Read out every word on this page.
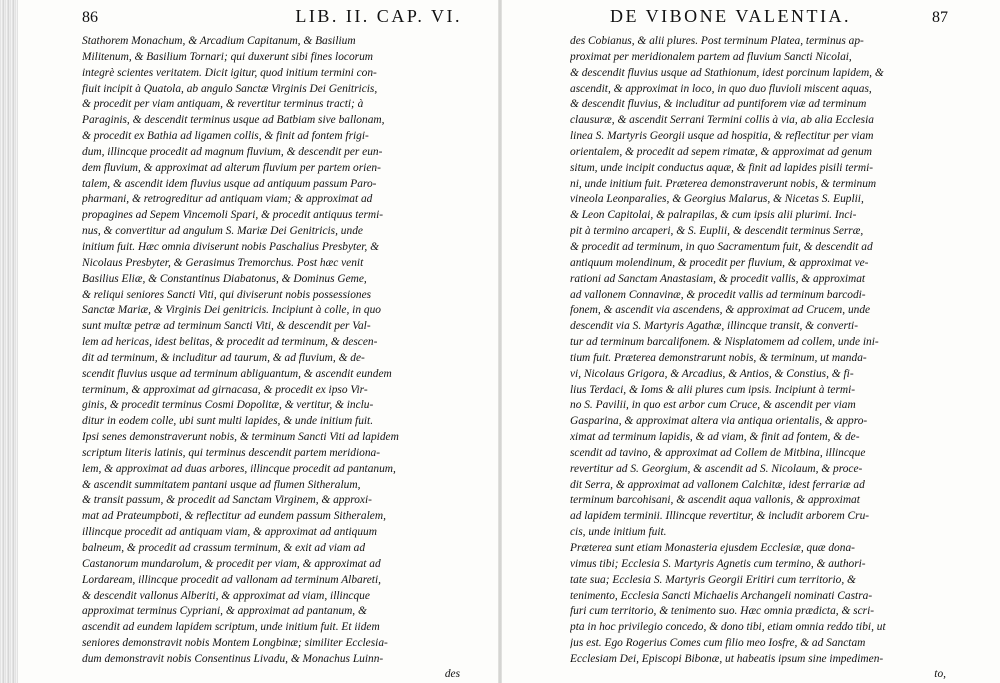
86	LIB. II. CAP. VI.
Stathorem Monachum, & Arcadium Capitanum, & Basilium
Militenum, & Basilium Tornari; qui duxerunt sibi fines locorum
integrè scientes veritatem. Dicit igitur, quod initium termini con-
fiuit incipit à Quatola, ab angulo Sanctæ Virginis Dei Genitricis,
& procedit per viam antiquam, & revertitur terminus tracti; à
Paraginis, & descendit terminus usque ad Batbiam sive ballonam,
& procedit ex Bathia ad ligamen collis, & finit ad fontem frigi-
dum, illincque procedit ad magnum fluvium, & descendit per eun-
dem fluvium, & approximat ad alterum fluvium per partem orien-
talem, & ascendit idem fluvius usque ad antiquum passum Paro-
pharmani, & retrogreditur ad antiquam viam; & approximat ad
propagines ad Sepem Vincemoli Spari, & procedit antiquus termi-
nus, & convertitur ad angulum S. Mariæ Dei Genitricis, unde
initium fuit. Hæc omnia diviserunt nobis Paschalius Presbyter, &
Nicolaus Presbyter, & Gerasimus Tremorchus. Post hæc venit
Basilius Eliæ, & Constantinus Diabatonus, & Dominus Geme,
& reliqui seniores Sancti Viti, qui diviserunt nobis possessiones
Sanctæ Mariæ, & Virginis Dei genitricis. Incipiunt à colle, in quo
sunt multæ petræ ad terminum Sancti Viti, & descendit per Val-
lem ad hericas, idest belitas, & procedit ad terminum, & descen-
dit ad terminum, & includitur ad taurum, & ad fluvium, & de-
scendit fluvius usque ad terminum abliguantum, & ascendit eundem
terminum, & approximat ad girnacasa, & procedit ex ipso Vir-
ginis, & procedit terminus Cosmi Dopolitæ, & vertitur, & inclu-
ditur in eodem colle, ubi sunt multi lapides, & unde initium fuit.
Ipsi senes demonstraverunt nobis, & terminum Sancti Viti ad lapidem
scriptum literis latinis, qui terminus descendit partem meridiona-
lem, & approximat ad duas arbores, illincque procedit ad pantanum,
& ascendit summitatem pantani usque ad flumen Sitheralum,
& transit passum, & procedit ad Sanctam Virginem, & approxi-
mat ad Prateumpboti, & reflectitur ad eundem passum Sitheralem,
illincque procedit ad antiquam viam, & approximat ad antiquum
balneum, & procedit ad crassum terminum, & exit ad viam ad
Castanorum mundarolum, & procedit per viam, & approximat ad
Lordaream, illincque procedit ad vallonam ad terminum Albareti,
& descendit vallonus Alberiti, & approximat ad viam, illincque
approximat terminus Cypriani, & approximat ad pantanum, &
ascendit ad eundem lapidem scriptum, unde initium fuit. Et iidem
seniores demonstravit nobis Montem Longbinæ; similiter Ecclesia-
dum demonstravit nobis Consentinus Livadu, & Monachus Luinn-
des
DE VIBONE VALENTIA.	87
des Cobianus, & alii plures. Post terminum Platea, terminus ap-
proximat per meridionalem partem ad fluvium Sancti Nicolai,
& descendit fluvius usque ad Stathionum, idest porcinum lapidem, &
ascendit, & approximat in loco, in quo duo fluvioli miscent aquas,
& descendit fluvius, & includitur ad puntiforem viæ ad terminum
clausuræ, & ascendit Serrani Termini collis à via, ab alia Ecclesia
linea S. Martyris Georgii usque ad hospitia, & reflectitur per viam
orientalem, & procedit ad sepem rimatæ, & approximat ad genum
situm, unde incipit conductus aquæ, & finit ad lapides pisili termi-
ni, unde initium fuit. Præterea demonstraverunt nobis, & terminum
vineola Leonparalies, & Georgius Malarus, & Nicetas S. Euplii,
& Leon Capitolai, & palrapilas, & cum ipsis alii plurimi. Inci-
pit à termino arcaperi, & S. Euplii, & descendit terminus Serræ,
& procedit ad terminum, in quo Sacramentum fuit, & descendit ad
antiquum molendinum, & procedit per fluvium, & approximat ve-
rationi ad Sanctam Anastasiam, & procedit vallis, & approximat
ad vallonem Connavinæ, & procedit vallis ad terminum barcodi-
fonem, & ascendit via ascendens, & approximat ad Crucem, unde
descendit via S. Martyris Agathæ, illincque transit, & converti-
tur ad terminum barcalifonem. & Nisplatomem ad collem, unde ini-
tium fuit. Præterea demonstrarunt nobis, & terminum, ut manda-
vi, Nicolaus Grigora, & Arcadius, & Antios, & Constius, & fi-
lius Terdaci, & Ioms & alii plures cum ipsis. Incipiunt à termi-
no S. Pavilii, in quo est arbor cum Cruce, & ascendit per viam
Gasparina, & approximat altera via antiqua orientalis, & appro-
ximat ad terminum lapidis, & ad viam, & finit ad fontem, & de-
scendit ad tavino, & approximat ad Collem de Mitbina, illincque
revertitur ad S. Georgium, & ascendit ad S. Nicolaum, & proce-
dit Serra, & approximat ad vallonem Calchitæ, idest ferrariæ ad
terminum barcohisani, & ascendit aqua vallonis, & approximat
ad lapidem terminii. Illincque revertitur, & includit arborem Cru-
cis, unde initium fuit.
Præterea sunt etiam Monasteria ejusdem Ecclesiæ, quæ dona-
vimus tibi; Ecclesia S. Martyris Agnetis cum termino, & authori-
tate sua; Ecclesia S. Martyris Georgii Eritiri cum territorio, &
tenimento, Ecclesia Sancti Michaelis Archangeli nominati Castra-
furi cum territorio, & tenimento suo. Hæc omnia prædicta, & scri-
pta in hoc privilegio concedo, & dono tibi, etiam omnia reddo tibi, ut
jus est. Ego Rogerius Comes cum filio meo Iosfre, & ad Sanctam
Ecclesiam Dei, Episcopi Bibonæ, ut habeatis ipsum sine impedimen-
to,
